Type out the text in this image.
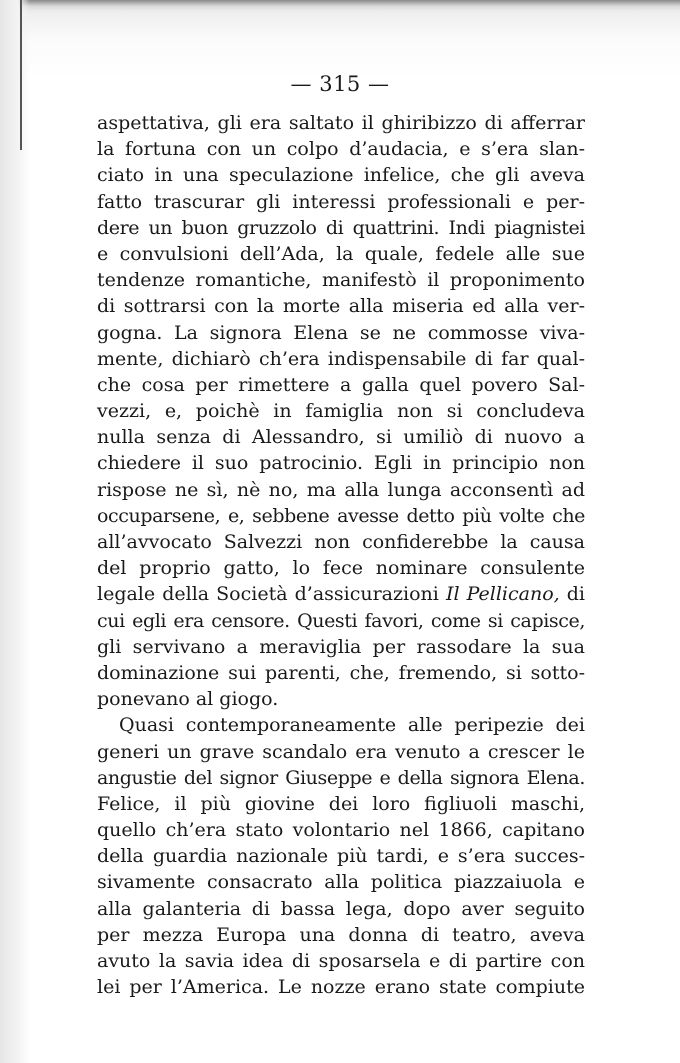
— 315 —
aspettativa, gli era saltato il ghiribizzo di afferrar
la fortuna con un colpo d’audacia, e s’era slan-
ciato in una speculazione infelice, che gli aveva
fatto trascurar gli interessi professionali e per-
dere un buon gruzzolo di quattrini. Indi piagnistei
e convulsioni dell’Ada, la quale, fedele alle sue
tendenze romantiche, manifestò il proponimento
di sottrarsi con la morte alla miseria ed alla ver-
gogna. La signora Elena se ne commosse viva-
mente, dichiarò ch’era indispensabile di far qual-
che cosa per rimettere a galla quel povero Sal-
vezzi, e, poichè in famiglia non si concludeva
nulla senza di Alessandro, si umiliò di nuovo a
chiedere il suo patrocinio. Egli in principio non
rispose ne sì, nè no, ma alla lunga acconsentì ad
occuparsene, e, sebbene avesse detto più volte che
all’avvocato Salvezzi non confiderebbe la causa
del proprio gatto, lo fece nominare consulente
legale della Società d’assicurazioni Il Pellicano, di
cui egli era censore. Questi favori, come si capisce,
gli servivano a meraviglia per rassodare la sua
dominazione sui parenti, che, fremendo, si sotto-
ponevano al giogo.
Quasi contemporaneamente alle peripezie dei
generi un grave scandalo era venuto a crescer le
angustie del signor Giuseppe e della signora Elena.
Felice, il più giovine dei loro figliuoli maschi,
quello ch’era stato volontario nel 1866, capitano
della guardia nazionale più tardi, e s’era succes-
sivamente consacrato alla politica piazzaiuola e
alla galanteria di bassa lega, dopo aver seguito
per mezza Europa una donna di teatro, aveva
avuto la savia idea di sposarsela e di partire con
lei per l’America. Le nozze erano state compiute
